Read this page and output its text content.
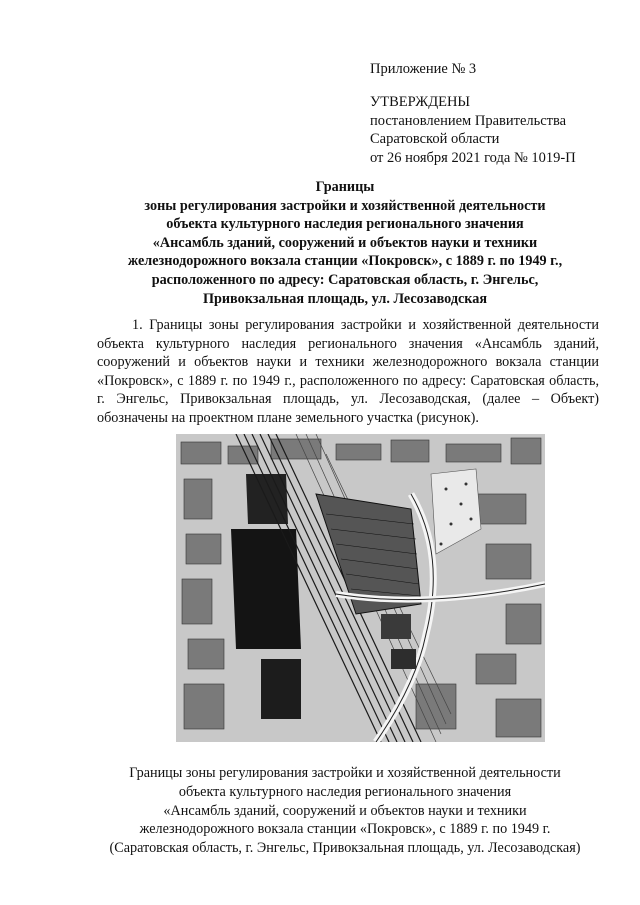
Приложение № 3
УТВЕРЖДЕНЫ
постановлением Правительства
Саратовской области
от 26 ноября 2021 года № 1019-П
Границы
зоны регулирования застройки и хозяйственной деятельности
объекта культурного наследия регионального значения
«Ансамбль зданий, сооружений и объектов науки и техники
железнодорожного вокзала станции «Покровск», с 1889 г. по 1949 г.,
расположенного по адресу: Саратовская область, г. Энгельс,
Привокзальная площадь, ул. Лесозаводская
1. Границы зоны регулирования застройки и хозяйственной деятельности объекта культурного наследия регионального значения «Ансамбль зданий, сооружений и объектов науки и техники железнодорожного вокзала станции «Покровск», с 1889 г. по 1949 г., расположенного по адресу: Саратовская область, г. Энгельс, Привокзальная площадь, ул. Лесозаводская, (далее – Объект) обозначены на проектном плане земельного участка (рисунок).
Границы зоны регулирования застройки и хозяйственной деятельности
объекта культурного наследия регионального значения
«Ансамбль зданий, сооружений и объектов науки и техники
железнодорожного вокзала станции «Покровск», с 1889 г. по 1949 г.
(Саратовская область, г. Энгельс, Привокзальная площадь, ул. Лесозаводская)
